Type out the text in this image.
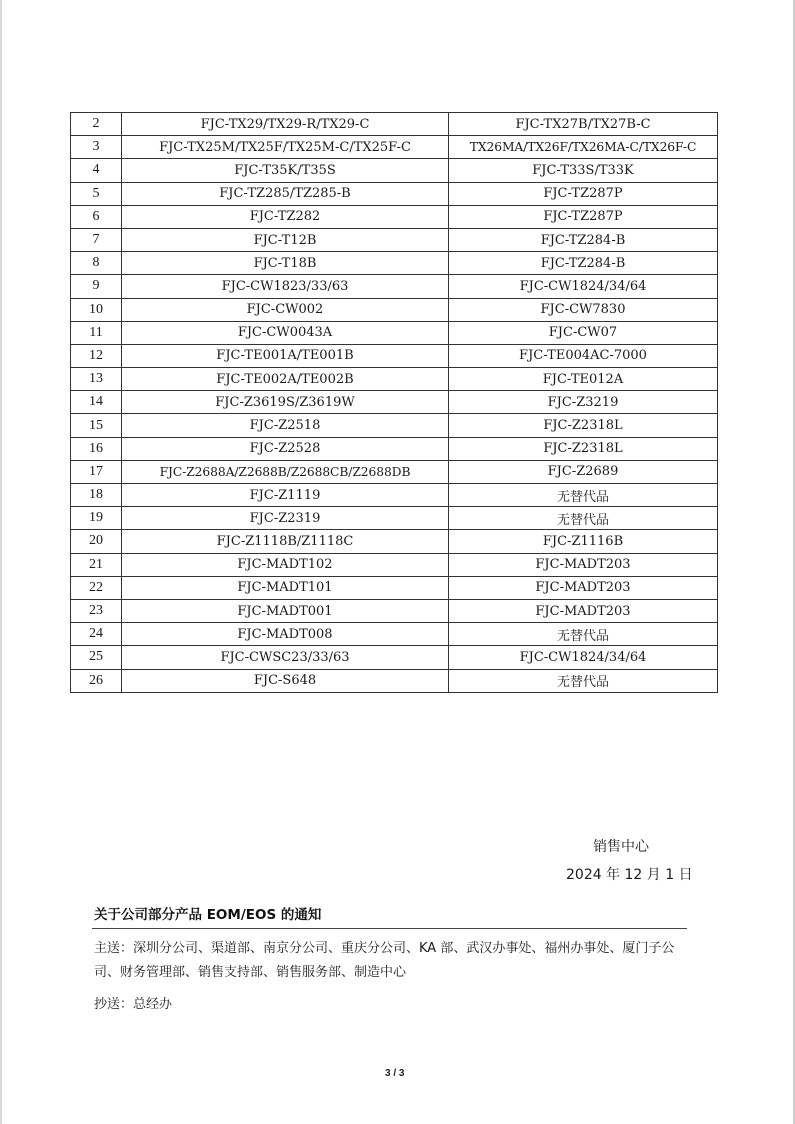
2	FJC-TX29/TX29-R/TX29-C	FJC-TX27B/TX27B-C
3	FJC-TX25M/TX25F/TX25M-C/TX25F-C	TX26MA/TX26F/TX26MA-C/TX26F-C
4	FJC-T35K/T35S	FJC-T33S/T33K
5	FJC-TZ285/TZ285-B	FJC-TZ287P
6	FJC-TZ282	FJC-TZ287P
7	FJC-T12B	FJC-TZ284-B
8	FJC-T18B	FJC-TZ284-B
9	FJC-CW1823/33/63	FJC-CW1824/34/64
10	FJC-CW002	FJC-CW7830
11	FJC-CW0043A	FJC-CW07
12	FJC-TE001A/TE001B	FJC-TE004AC-7000
13	FJC-TE002A/TE002B	FJC-TE012A
14	FJC-Z3619S/Z3619W	FJC-Z3219
15	FJC-Z2518	FJC-Z2318L
16	FJC-Z2528	FJC-Z2318L
17	FJC-Z2688A/Z2688B/Z2688CB/Z2688DB	FJC-Z2689
18	FJC-Z1119	无替代品
19	FJC-Z2319	无替代品
20	FJC-Z1118B/Z1118C	FJC-Z1116B
21	FJC-MADT102	FJC-MADT203
22	FJC-MADT101	FJC-MADT203
23	FJC-MADT001	FJC-MADT203
24	FJC-MADT008	无替代品
25	FJC-CWSC23/33/63	FJC-CW1824/34/64
26	FJC-S648	无替代品
销售中心
2024 年 12 月 1 日
关于公司部分产品 EOM/EOS 的通知
主送：深圳分公司、渠道部、南京分公司、重庆分公司、KA 部、武汉办事处、福州办事处、厦门子公司、财务管理部、销售支持部、销售服务部、制造中心
抄送：总经办
3 / 3
